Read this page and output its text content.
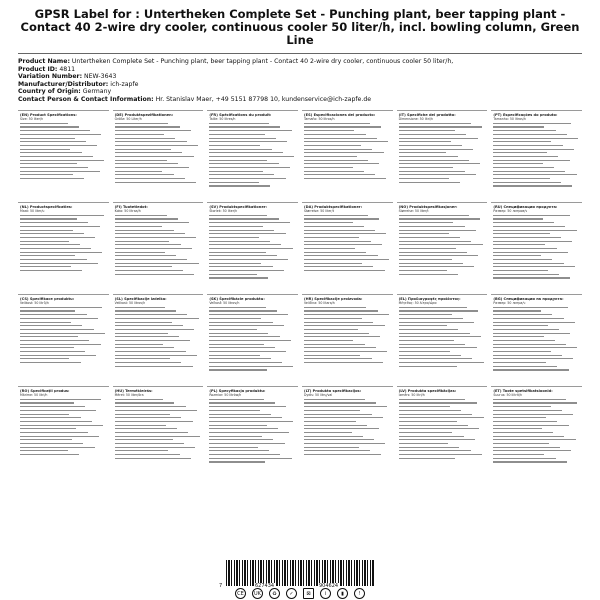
GPSR Label for : Untertheken Complete Set - Punching plant, beer tapping plant - Contact 40 2-wire dry cooler, continuous cooler 50 liter/h, incl. bowling column, Green Line
Product Name: Untertheken Complete Set - Punching plant, beer tapping plant - Contact 40 2-wire dry cooler, continuous cooler 50 liter/h,
Product ID: 4811
Variation Number: NEW-3643
Manufacturer/Distributor: ich-zapfe
Country of Origin: Germany
Contact Person & Contact Information: Hr. Stanislav Maer, +49 5151 87798 10, kundenservice@ich-zapfe.de
(EN) Product Specifications:
Size: 50 liter/h
(DE) Produktspezifikationen:
Größe: 50 Liter/h
(FR) Spécifications du produit:
Taille: 50 litres/h
(ES) Especificaciones del producto:
Tamaño: 50 litros/h
(IT) Specifiche del prodotto:
Dimensione: 50 litri/h
(PT) Especificações do produto:
Tamanho: 50 litros/h
(NL) Productspecificaties:
Maat: 50 liter/u
(FI) Tuotetiedot:
Koko: 50 litraa/h
(SV) Produktspecifikationer:
Storlek: 50 liter/h
(DA) Produktspecifikationer:
Størrelse: 50 liter/t
(NO) Produktspesifikasjoner:
Størrelse: 50 liter/t
(RU) Спецификации продукта:
Размер: 50 литров/ч
(CS) Specifikace produktu:
Velikost: 50 litrů/h
(SL) Specifikacije izdelka:
Velikost: 50 litrov/h
(SK) Špecifikácie produktu:
Veľkosť: 50 litrov/h
(HR) Specifikacije proizvoda:
Veličina: 50 litara/h
(EL) Προδιαγραφές προϊόντος:
Μέγεθος: 50 λίτρα/ώρα
(BG) Спецификации на продукта:
Размер: 50 литра/ч
(RO) Specificații produs:
Mărime: 50 litri/h
(HU) Termékleírás:
Méret: 50 liter/óra
(PL) Specyfikacja produktu:
Rozmiar: 50 litrów/h
(LT) Produkto specifikacijos:
Dydis: 50 litrų/val
(LV) Produkta specifikācijas:
Izmērs: 50 litri/h
(ET) Toote spetsifikatsioonid:
Suurus: 50 liitrit/h
7	627434	904624
CE	UK	♻	✓	⊠	i	▮	!
